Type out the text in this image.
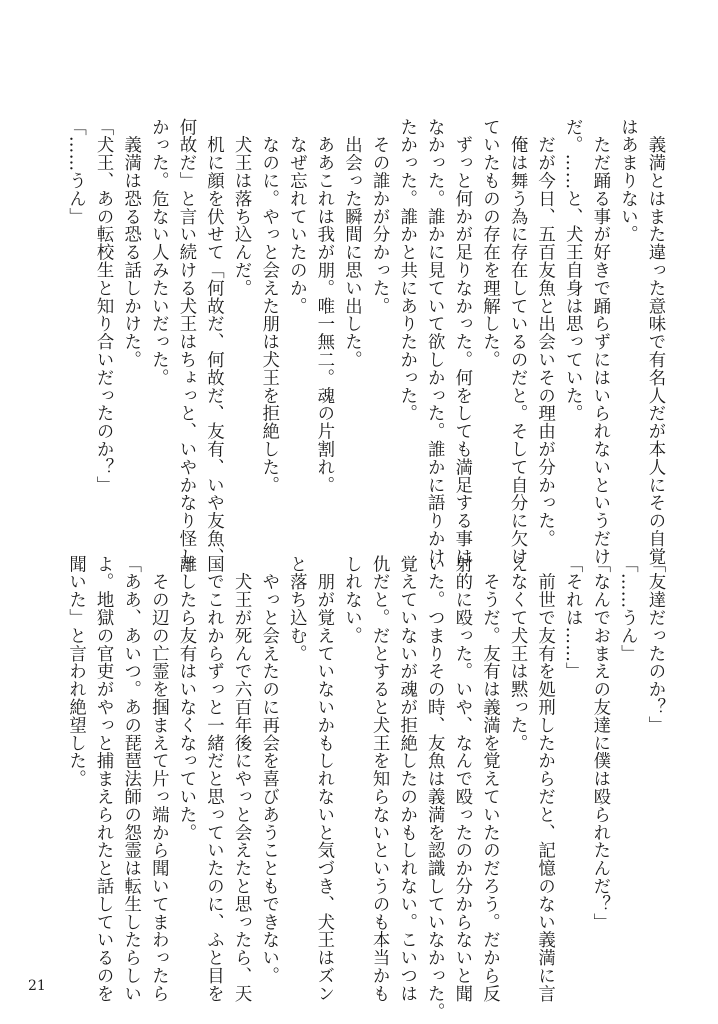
　義満とはまた違った意味で有名人だが本人にその自覚

はあまりない。

　ただ踊る事が好きで踊らずにはいられないというだけ

だ。……と、犬王自身は思っていた。

　だが今日、五百友魚と出会いその理由が分かった。

　俺は舞う為に存在しているのだと。そして自分に欠け

ていたものの存在を理解した。

　ずっと何かが足りなかった。何をしても満足する事は

なかった。誰かに見ていて欲しかった。誰かに語りかけ

たかった。誰かと共にありたかった。

　その誰かが分かった。

　出会った瞬間に思い出した。

　ああこれは我が朋。唯一無二。魂の片割れ。

　なぜ忘れていたのか。

　なのに。やっと会えた朋は犬王を拒絶した。

　犬王は落ち込んだ。

　机に顔を伏せて「何故だ、何故だ、友有、いや友魚、

何故だ」と言い続ける犬王はちょっと、いやかなり怪し

かった。危ない人みたいだった。

　義満は恐る恐る話しかけた。

「犬王、あの転校生と知り合いだったのか？」

「……うん」

「友達だったのか？」

「……うん」

「なんでおまえの友達に僕は殴られたんだ？」

「それは……」

　前世で友有を処刑したからだと、記憶のない義満に言

えなくて犬王は黙った。

　そうだ。友有は義満を覚えていたのだろう。だから反

射的に殴った。いや、なんで殴ったのか分からないと聞

いた。つまりその時、友魚は義満を認識していなかった。

覚えていないが魂が拒絶したのかもしれない。こいつは

仇だと。だとすると犬王を知らないというのも本当かも

しれない。

　朋が覚えていないかもしれないと気づき、犬王はズン

と落ち込む。

　やっと会えたのに再会を喜びあうこともできない。

　犬王が死んで六百年後にやっと会えたと思ったら、天

国でこれからずっと一緒だと思っていたのに、ふと目を

離したら友有はいなくなっていた。

　その辺の亡霊を掴まえて片っ端から聞いてまわったら

「ああ、あいつ。あの琵琶法師の怨霊は転生したらしい

よ。地獄の官吏がやっと捕まえられたと話しているのを

聞いた」と言われ絶望した。

21
